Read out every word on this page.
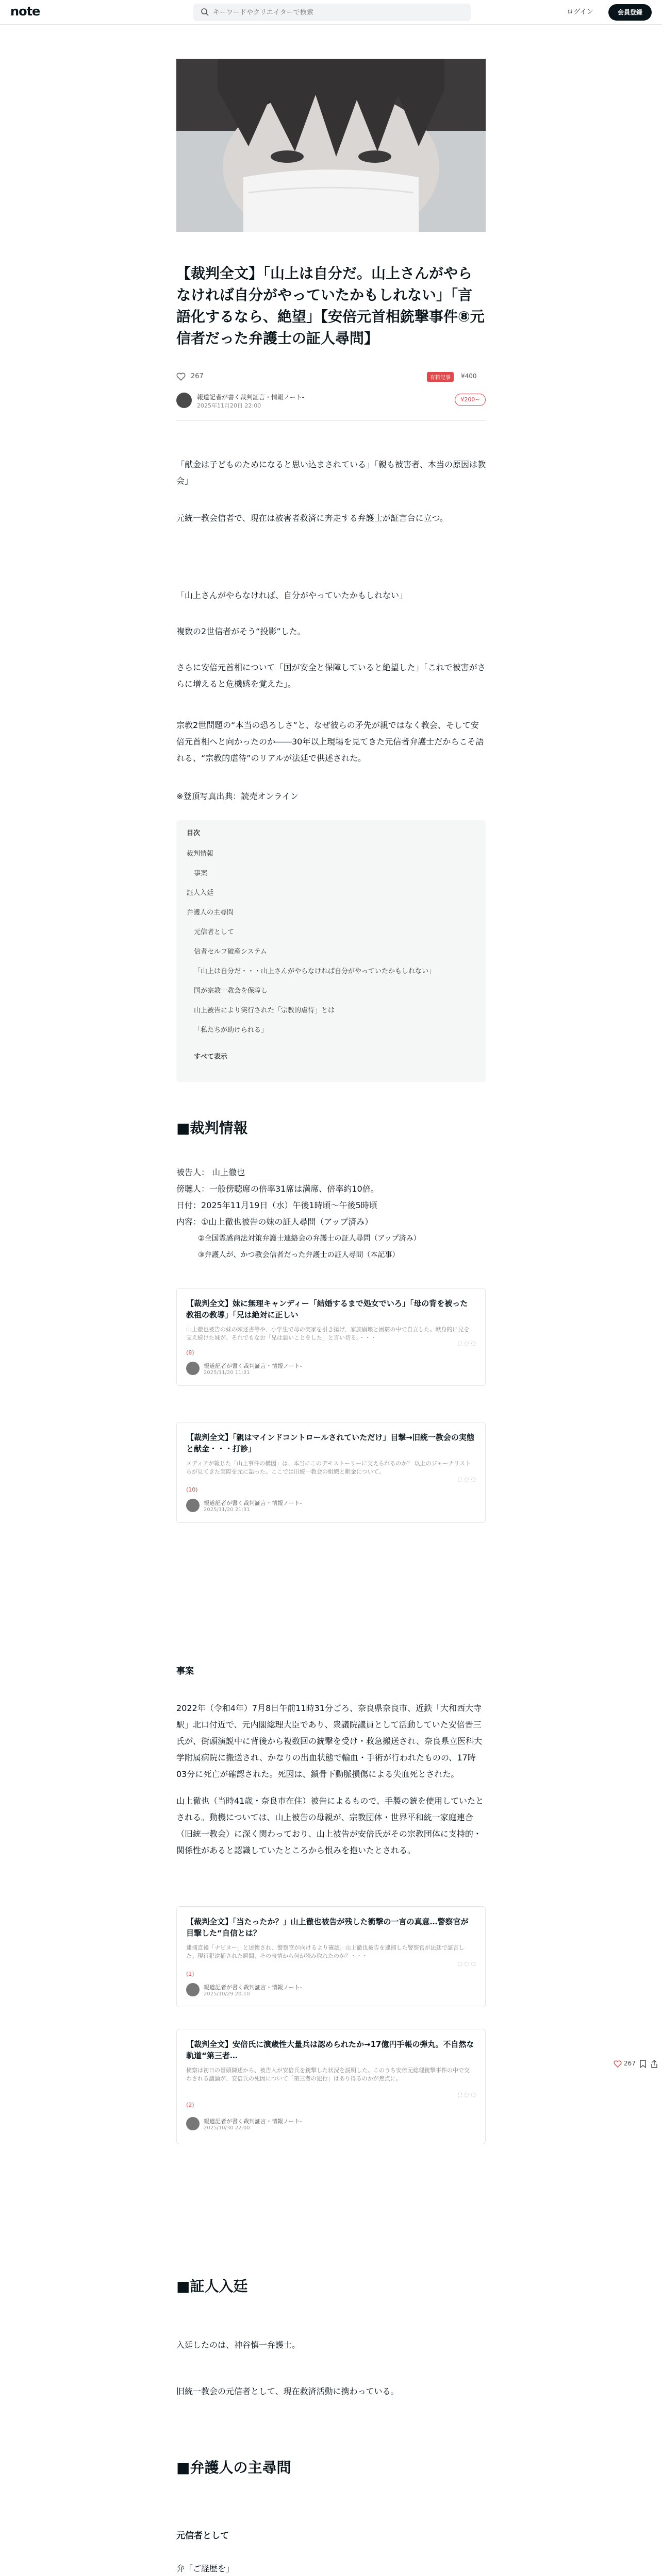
note
キーワードやクリエイターで検索	ログイン	会員登録
【裁判全文】「山上は自分だ。山上さんがやらなければ自分がやっていたかもしれない」「言語化するなら、絶望」【安倍元首相銃撃事件⑧元信者だった弁護士の証人尋問】
267	有料記事	¥400
報道記者が書く裁判証言・情報ノート-
2025年11月20日 22:00
¥200~
「献金は子どものためになると思い込まされている」「親も被害者、本当の原因は教会」
元統一教会信者で、現在は被害者救済に奔走する弁護士が証言台に立つ。
「山上さんがやらなければ、自分がやっていたかもしれない」
複数の2世信者がそう“投影”した。
さらに安倍元首相について「国が安全と保障していると絶望した」「これで被害がさらに増えると危機感を覚えた」。
宗教2世問題の“本当の恐ろしさ”と、なぜ彼らの矛先が親ではなく教会、そして安倍元首相へと向かったのか――30年以上現場を見てきた元信者弁護士だからこそ語れる、“宗教的虐待”のリアルが法廷で供述された。
※登頂写真出典：読売オンライン
目次
裁判情報
事案
証人入廷
弁護人の主尋問
元信者として
信者セルフ破産システム
「山上は自分だ・・・山上さんがやらなければ自分がやっていたかもしれない」
国が宗教一教会を保障し
山上被告により実行された「宗教的虐待」とは
「私たちが助けられる」
すべて表示
■裁判情報
被告人： 山上徹也
傍聴人：一般傍聴席の倍率31席は満席、倍率約10倍。
日付：2025年11月19日（水）午後1時頃〜午後5時頃
内容：①山上徹也被告の妹の証人尋問（アップ済み）
　　　②全国霊感商法対策弁護士連絡会の弁護士の証人尋問（アップ済み）
　　　③弁護人が、かつ教会信者だった弁護士の証人尋問（本記事）
【裁判全文】妹に無理キャンディー「結婚するまで処女でいろ」「母の背を被った教祖の教導」「兄は絶対に正しい
山上徹也被告の妹の陳述書等や、小学生で母の実家を引き揚げ、家族崩壊と困窮の中で自立した。献身的に兄を支え続けた妹が、それでもなお「兄は悪いことをした」と言い切る。・・・
(8)
報道記者が書く裁判証言・情報ノート-
2025/11/20 11:31
◌ ◌ ◌
【裁判全文】「親はマインドコントロールされていただけ」目撃→旧統一教会の実態と献金・・・打診」
メディアが報じた「山上事件の構図」は、本当にこのデモストーリーに支えられるのか？ 以上のジャーナリストらが見てきた実際を元に語った。ここでは旧統一教会の組織と献金について。
(10)
報道記者が書く裁判証言・情報ノート-
2025/11/20 21:31
◌ ◌ ◌
事案
2022年（令和4年）7月8日午前11時31分ごろ、奈良県奈良市、近鉄「大和西大寺駅」北口付近で、元内閣総理大臣であり、衆議院議員として活動していた安倍晋三氏が、街頭演説中に背後から複数回の銃撃を受け・救急搬送され、奈良県立医科大学附属病院に搬送され、かなりの出血状態で輸血・手術が行われたものの、17時03分に死亡が確認された。死因は、鎖骨下動脈損傷による失血死とされた。
山上徹也（当時41歳・奈良市在住）被告によるもので、手製の銃を使用していたとされる。動機については、山上被告の母親が、宗教団体・世界平和統一家庭連合（旧統一教会）に深く関わっており、山上被告が安倍氏がその宗教団体に支持的・関係性があると認識していたところから恨みを抱いたとされる。
【裁判全文】「当たったか？」山上徹也被告が残した衝撃の一言の真意…警察官が目撃した“自信とは？
逮捕直後「ナビヌー」と述懐され、警察官が向けるより確認。山上徹也被告を逮捕した警察官が法廷で証言した。現行犯逮捕された瞬間、その表情から何が読み取れたのか？・・・
(1)
報道記者が書く裁判証言・情報ノート-
2025/10/29 20:10
◌ ◌ ◌
【裁判全文】安倍氏に演歳性大量兵は認められたか→17億円手帳の弾丸。不自然な軌道“第三者…
検察は初日の冒頭陳述から、被告人が安倍氏を銃撃した状況を説明した。このうち安倍元総理銃撃事件の中で交わされる議論が、安倍氏の死因について「第三者の犯行」はあり得るのかが焦点に。
(2)
報道記者が書く裁判証言・情報ノート-
2025/10/30 22:00
◌ ◌ ◌
267
■証人入廷
入廷したのは、神谷慎一弁護士。
旧統一教会の元信者として、現在救済活動に携わっている。
■弁護人の主尋問
元信者として
弁「ご経歴を」
